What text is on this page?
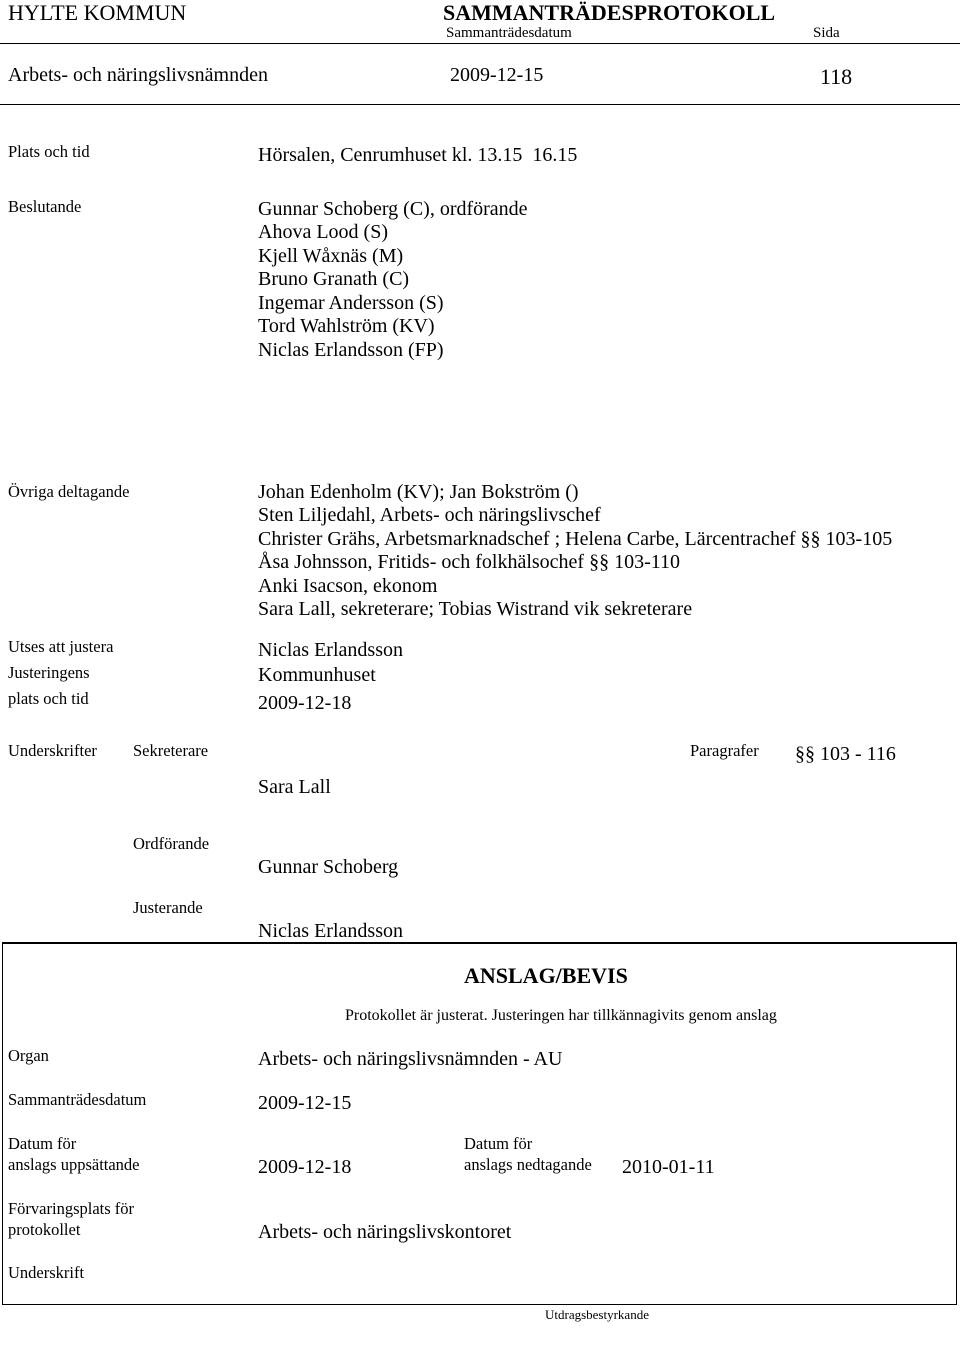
HYLTE KOMMUN	SAMMANTRÄDESPROTOKOLL
Sammanträdesdatum	Sida
Arbets- och näringslivsnämnden	2009-12-15	118
Plats och tid	Hörsalen, Cenrumhuset kl. 13.15  16.15
Beslutande	Gunnar Schoberg (C), ordförande
Ahova Lood (S)
Kjell Wåxnäs (M)
Bruno Granath (C)
Ingemar Andersson (S)
Tord Wahlström (KV)
Niclas Erlandsson (FP)
Övriga deltagande	Johan Edenholm (KV); Jan Bokström ()
Sten Liljedahl, Arbets- och näringslivschef
Christer Grähs, Arbetsmarknadschef ; Helena Carbe, Lärcentrachef §§ 103-105
Åsa Johnsson, Fritids- och folkhälsochef §§ 103-110
Anki Isacson, ekonom
Sara Lall, sekreterare; Tobias Wistrand vik sekreterare
Utses att justera	Niclas Erlandsson
Justeringens	Kommunhuset
plats och tid	2009-12-18
Underskrifter Sekreterare	Paragrafer §§ 103 - 116
Sara Lall
Ordförande
Gunnar Schoberg
Justerande
Niclas Erlandsson
ANSLAG/BEVIS
Protokollet är justerat. Justeringen har tillkännagivits genom anslag
Organ	Arbets- och näringslivsnämnden - AU
Sammanträdesdatum	2009-12-15
Datum för
anslags uppsättande	2009-12-18
Datum för
anslags nedtagande 2010-01-11
Förvaringsplats för
protokollet	Arbets- och näringslivskontoret
Underskrift
Utdragsbestyrkande
